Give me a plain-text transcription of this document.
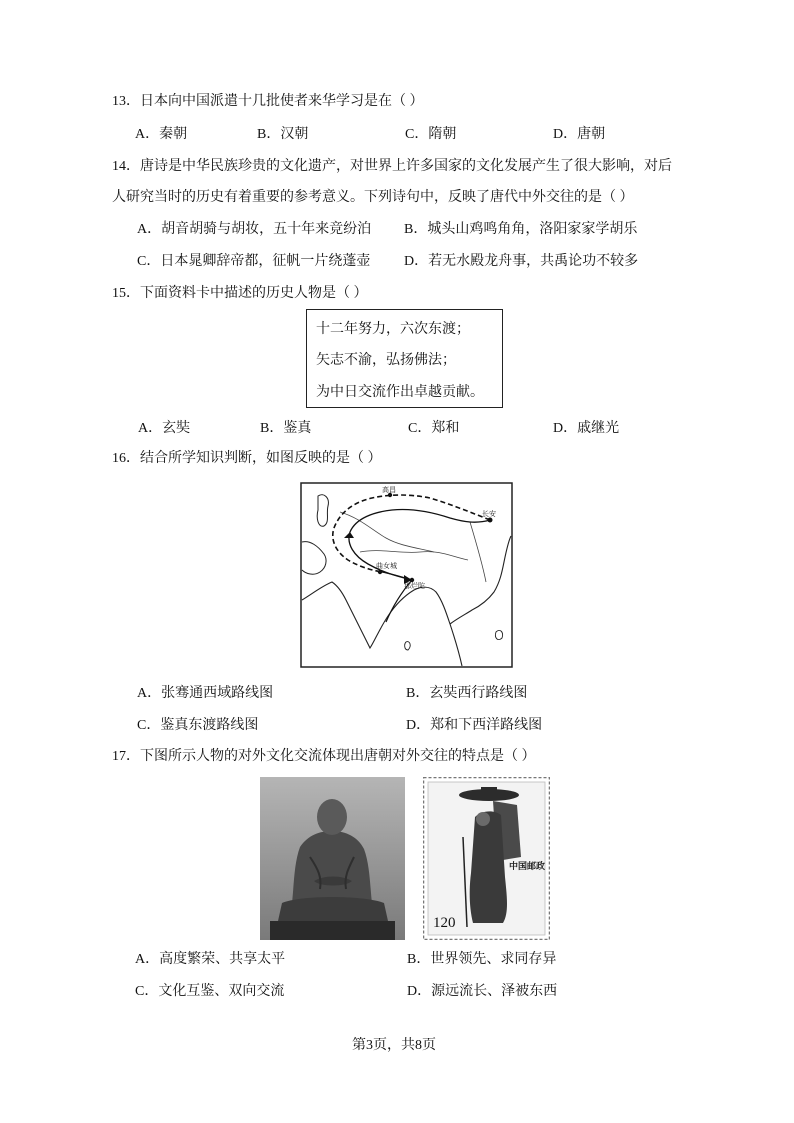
13．日本向中国派遣十几批使者来华学习是在（ ）
A．秦朝	B．汉朝	C．隋朝	D．唐朝
14．唐诗是中华民族珍贵的文化遗产，对世界上许多国家的文化发展产生了很大影响，对后
人研究当时的历史有着重要的参考意义。下列诗句中，反映了唐代中外交往的是（ ）
A．胡音胡骑与胡妆，五十年来竞纷泊 B．城头山鸡鸣角角，洛阳家家学胡乐
C．日本晁卿辞帝都，征帆一片绕蓬壶 D．若无水殿龙舟事，共禹论功不较多
15．下面资料卡中描述的历史人物是（ ）
十二年努力，六次东渡；
矢志不渝，弘扬佛法；
为中日交流作出卓越贡献。
A．玄奘	B．鉴真	C．郑和	D．戚继光
16．结合所学知识判断，如图反映的是（ ）
高昌
长安
曲女城
那烂陀
A．张骞通西域路线图	B．玄奘西行路线图
C．鉴真东渡路线图	D．郑和下西洋路线图
17．下图所示人物的对外文化交流体现出唐朝对外交往的特点是（ ）
中国邮政
120
A．高度繁荣、共享太平	B．世界领先、求同存异
C．文化互鉴、双向交流	D．源远流长、泽被东西
第3页，共8页
